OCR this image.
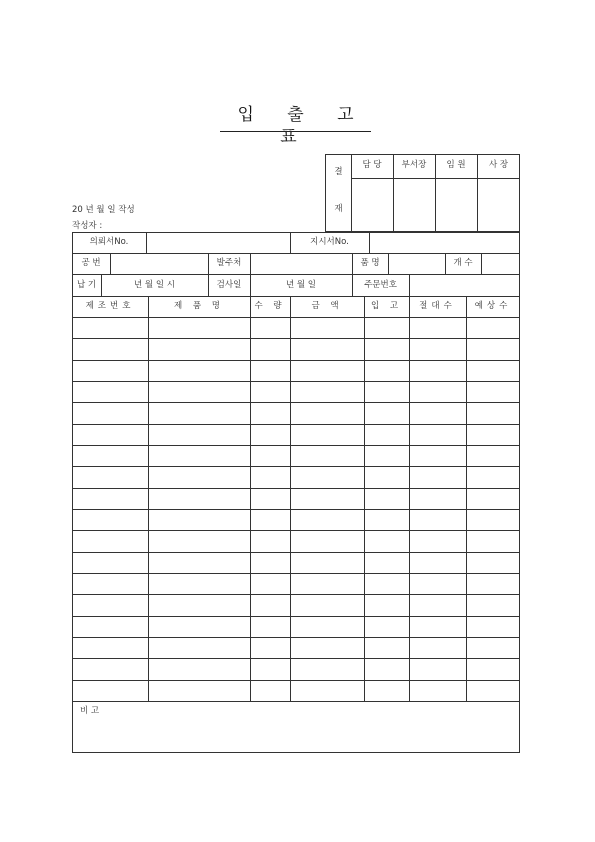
입 출 고 표
20 년 월 일 작성
작성자 :
결
재
담 당	부서장	임 원	사 장
의뢰서No.	지시서No.
공 번	발주처	품 명	개 수
납 기	년 월 일 시	검사일	년 월 일	주문번호
제조번호	제 품 명	수 량	금 액	입 고	절대수	예상수
비 고
